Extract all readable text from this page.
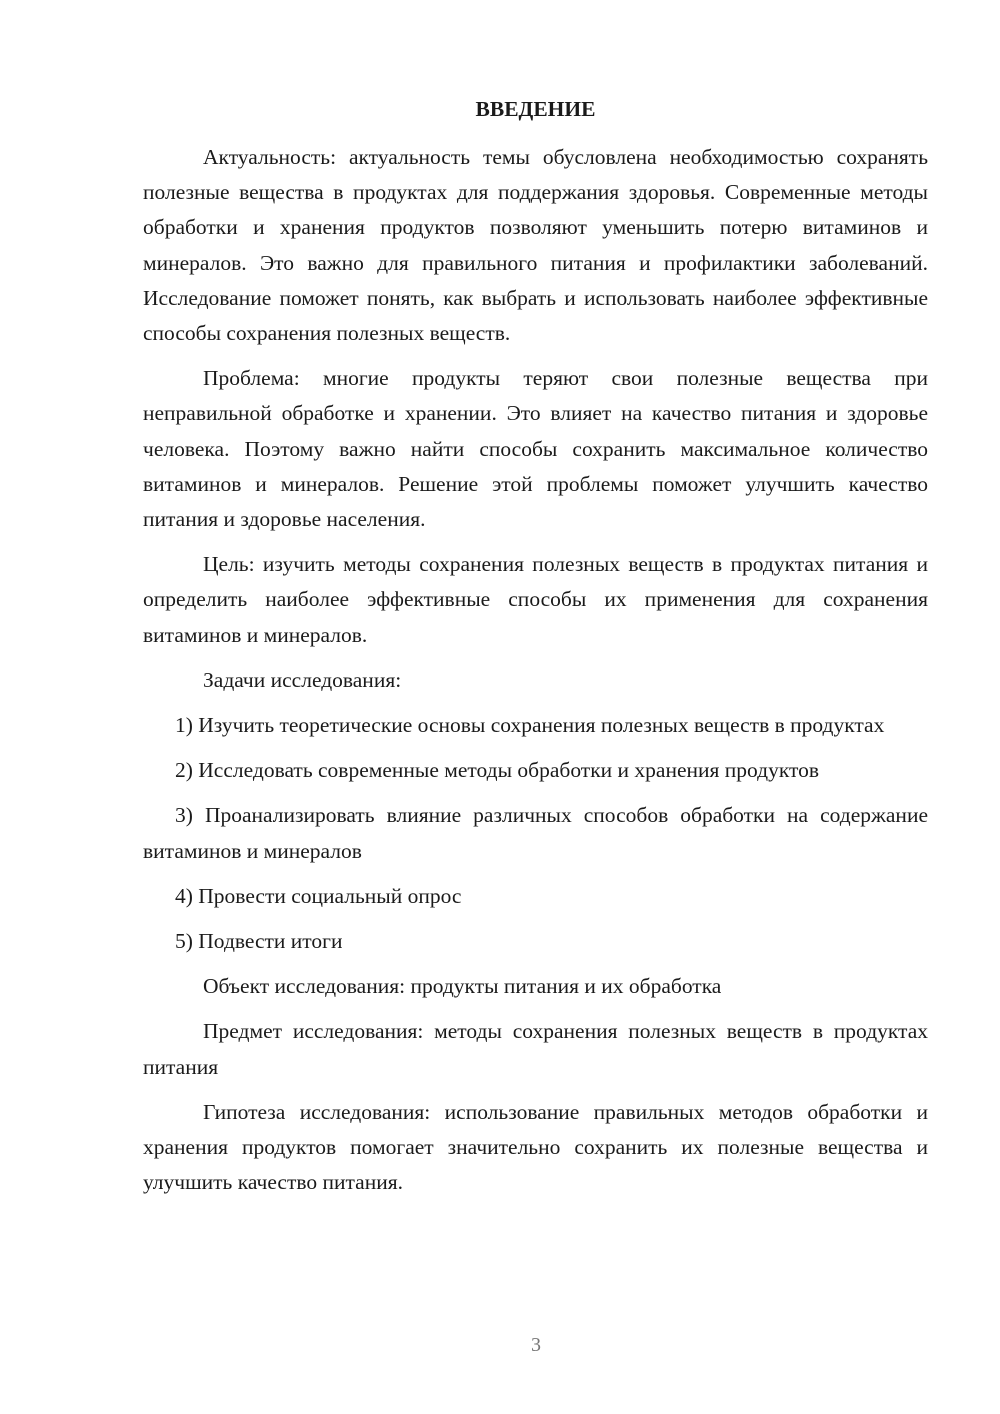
ВВЕДЕНИЕ

Актуальность: актуальность темы обусловлена необходимостью сохранять полезные вещества в продуктах для поддержания здоровья. Современные методы обработки и хранения продуктов позволяют уменьшить потерю витаминов и минералов. Это важно для правильного питания и профилактики заболеваний. Исследование поможет понять, как выбрать и использовать наиболее эффективные способы сохранения полезных веществ.

Проблема: многие продукты теряют свои полезные вещества при неправильной обработке и хранении. Это влияет на качество питания и здоровье человека. Поэтому важно найти способы сохранить максимальное количество витаминов и минералов. Решение этой проблемы поможет улучшить качество питания и здоровье населения.

Цель: изучить методы сохранения полезных веществ в продуктах питания и определить наиболее эффективные способы их применения для сохранения витаминов и минералов.

Задачи исследования:

1) Изучить теоретические основы сохранения полезных веществ в продуктах

2) Исследовать современные методы обработки и хранения продуктов

3) Проанализировать влияние различных способов обработки на содержание витаминов и минералов

4) Провести социальный опрос

5) Подвести итоги

Объект исследования: продукты питания и их обработка

Предмет исследования: методы сохранения полезных веществ в продуктах питания

Гипотеза исследования: использование правильных методов обработки и хранения продуктов помогает значительно сохранить их полезные вещества и улучшить качество питания.

3
